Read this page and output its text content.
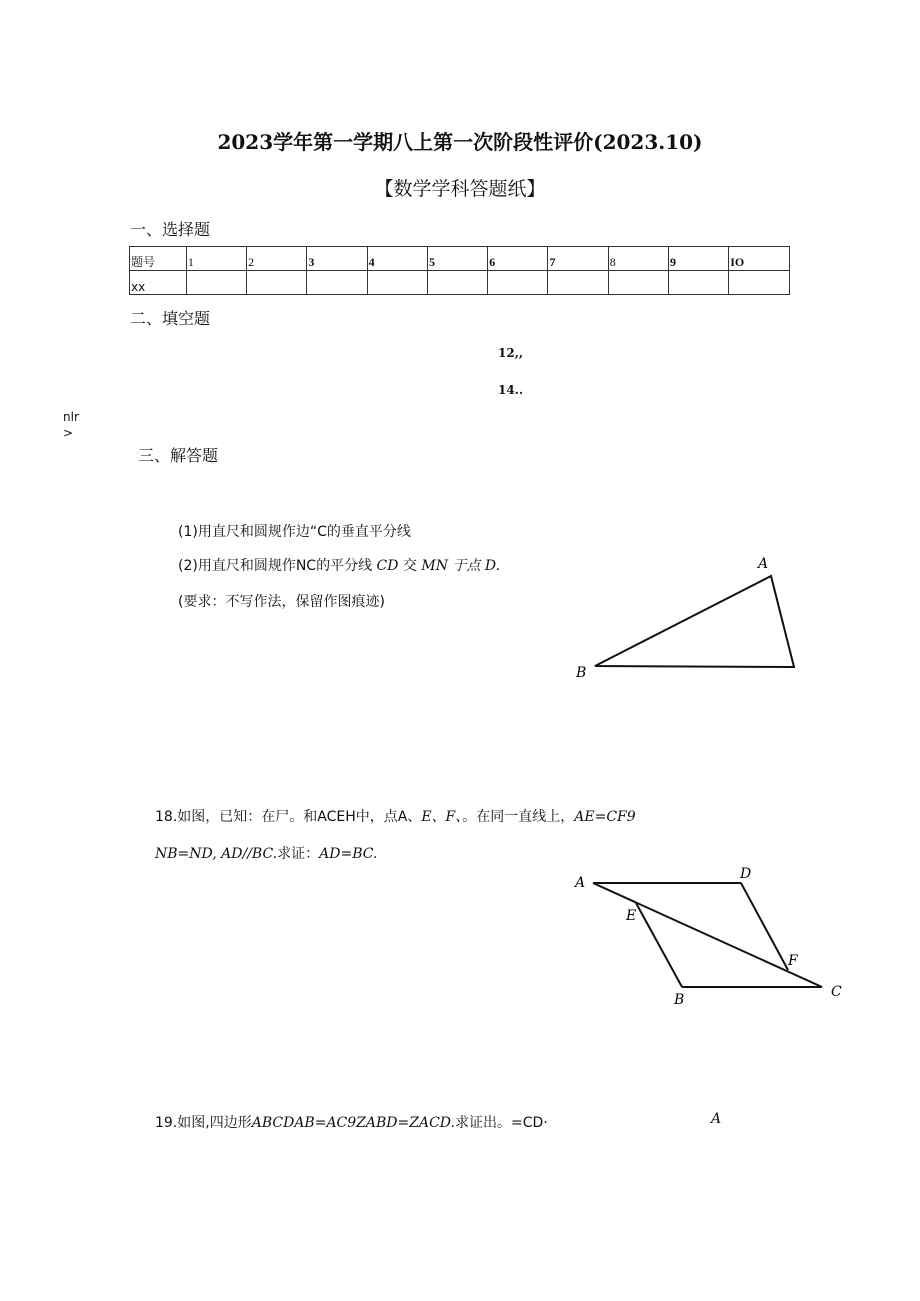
2023学年第一学期八上第一次阶段性评价(2023.10)
【数学学科答题纸】
一、选择题
题号	1	2	3	4	5	6	7	8	9	IO
xx										
二、填空题
12,,
14..
nlr
>
三、解答题
(1)用直尺和圆规作边“C的垂直平分线
(2)用直尺和圆规作NC的平分线 CD 交 MN 于点 D.
(要求：不写作法，保留作图痕迹)
A
B
18.如图，已知：在尸。和ACEH中，点A、E、F、。在同一直线上，AE=CF9
NB=ND, AD//BC.求证：AD=BC.
A
D
E
F
B	C
19.如图,四边形ABCDAB=AC9ZABD=ZACD.求证出。=CD·	A
